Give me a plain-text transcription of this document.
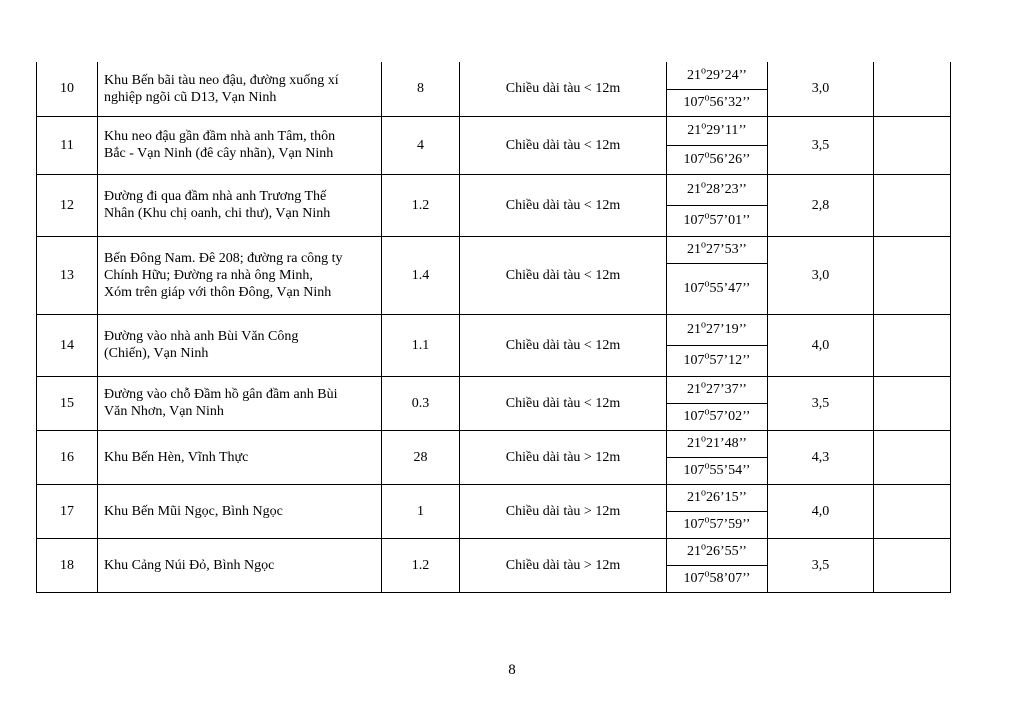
10	Khu Bến bãi tàu neo đậu, đường xuống xí
nghiệp ngõi cũ D13, Vạn Ninh	8	Chiều dài tàu < 12m	21$^o$29’24’’	3,0	
				107$^o$56’32’’		
11	Khu neo đậu gần đầm nhà anh Tâm, thôn
Bắc - Vạn Ninh (đê cây nhãn), Vạn Ninh	4	Chiều dài tàu < 12m	21$^o$29’11’’	3,5	
				107$^o$56’26’’		
12	Đường đi qua đầm nhà anh Trương Thế
Nhân (Khu chị oanh, chi thư), Vạn Ninh	1.2	Chiều dài tàu < 12m	21$^o$28’23’’	2,8	
				107$^o$57’01’’		
13	Bến Đông Nam. Đê 208; đường ra công ty
Chính Hữu; Đường ra nhà ông Minh,
Xóm trên giáp với thôn Đông, Vạn Ninh	1.4	Chiều dài tàu < 12m	21$^o$27’53’’	3,0	
				107$^o$55’47’’		
14	Đường vào nhà anh Bùi Văn Công
(Chiến), Vạn Ninh	1.1	Chiều dài tàu < 12m	21$^o$27’19’’	4,0	
				107$^o$57’12’’		
15	Đường vào chỗ Đầm hồ gân đầm anh Bùi
Văn Nhơn, Vạn Ninh	0.3	Chiều dài tàu < 12m	21$^o$27’37’’	3,5	
				107$^o$57’02’’		
16	Khu Bến Hèn, Vĩnh Thực	28	Chiều dài tàu > 12m	21$^o$21’48’’	4,3	
				107$^o$55’54’’		
17	Khu Bến Mũi Ngọc, Bình Ngọc	1	Chiều dài tàu > 12m	21$^o$26’15’’	4,0	
				107$^o$57’59’’		
18	Khu Cảng Núi Đỏ, Bình Ngọc	1.2	Chiều dài tàu > 12m	21$^o$26’55’’	3,5	
				107$^o$58’07’’		
8
